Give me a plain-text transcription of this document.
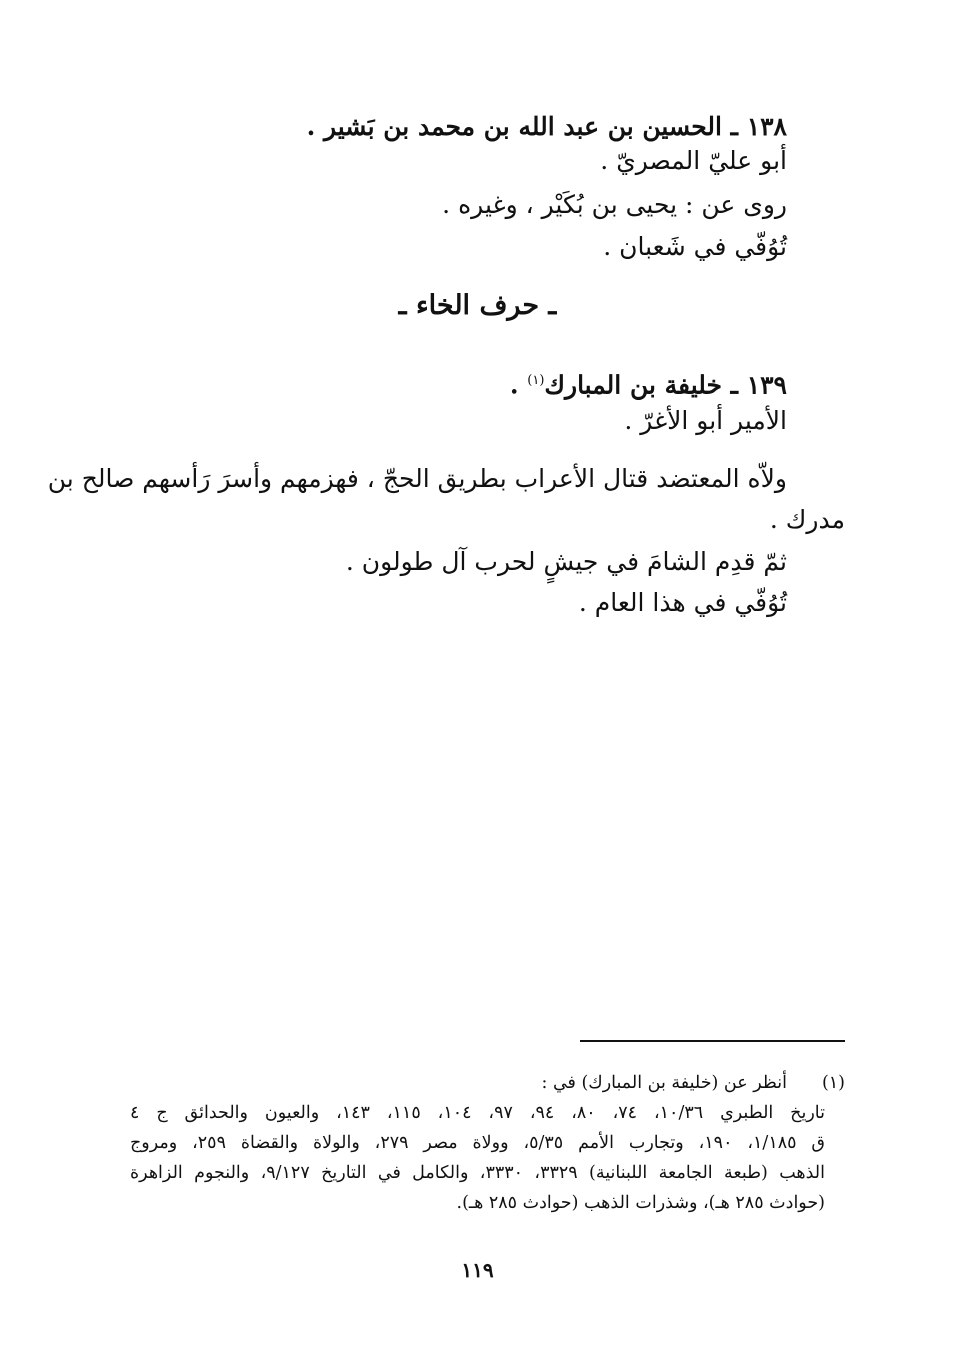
١٣٨ ـ الحسين بن عبد الله بن محمد بن بَشير .
أبو عليّ المصريّ .
روى عن : يحيى بن بُكَيْر ، وغيره .
تُوُفّي في شَعبان .
ـ حرف الخاء ـ
١٣٩ ـ خليفة بن المبارك$^{(١)}$ .
الأمير أبو الأغرّ .
ولاّه المعتضد قتال الأعراب بطريق الحجّ ، فهزمهم وأسرَ رَأسهم صالح بن
مدرك .
ثمّ قدِم الشامَ في جيشٍ لحرب آل طولون .
تُوُفّي في هذا العام .
(١)
أنظر عن (خليفة بن المبارك) في :
تاريخ الطبري ١٠/٣٦، ٧٤، ٨٠، ٩٤، ٩٧، ١٠٤، ١١٥، ١٤٣، والعيون والحدائق ج ٤
ق ١/١٨٥، ١٩٠، وتجارب الأمم ٥/٣٥، وولاة مصر ٢٧٩، والولاة والقضاة ٢٥٩، ومروج
الذهب (طبعة الجامعة اللبنانية) ٣٣٢٩، ٣٣٣٠، والكامل في التاريخ ٩/١٢٧، والنجوم الزاهرة
(حوادث ٢٨٥ هـ)، وشذرات الذهب (حوادث ٢٨٥ هـ).
١١٩
